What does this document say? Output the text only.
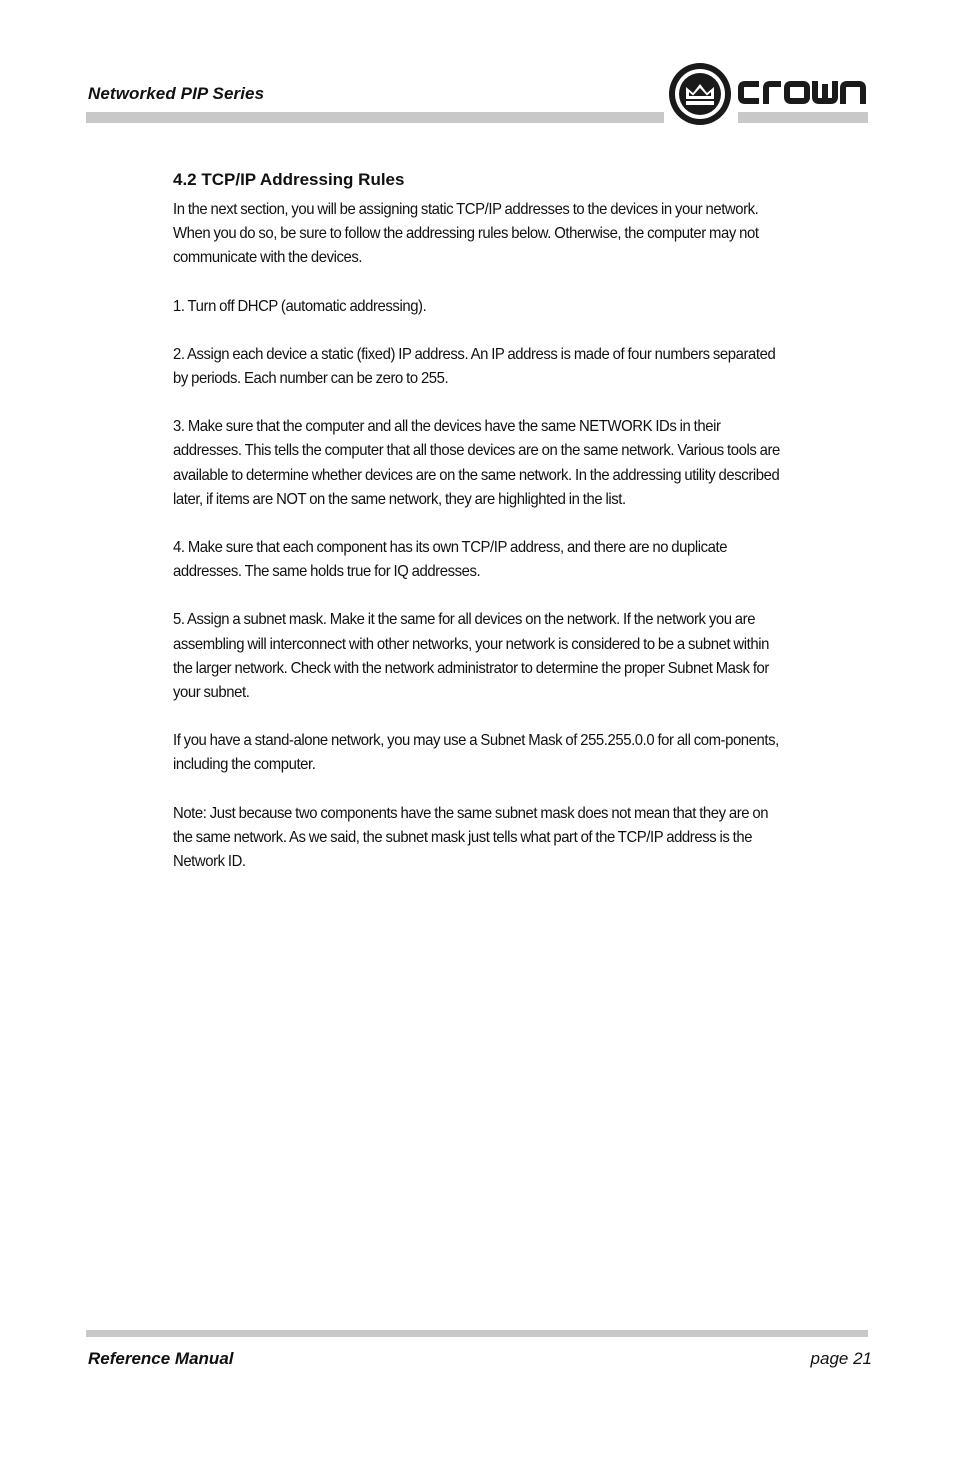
Networked PIP Series
4.2 TCP/IP Addressing Rules

In the next section, you will be assigning static TCP/IP addresses to the devices in your network. When you do so, be sure to follow the addressing rules below. Otherwise, the computer may not communicate with the devices.

1. Turn off DHCP (automatic addressing).

2. Assign each device a static (fixed) IP address. An IP address is made of four numbers separated by periods. Each number can be zero to 255.

3. Make sure that the computer and all the devices have the same NETWORK IDs in their addresses. This tells the computer that all those devices are on the same network. Various tools are available to determine whether devices are on the same network. In the addressing utility described later, if items are NOT on the same network, they are highlighted in the list.

4. Make sure that each component has its own TCP/IP address, and there are no duplicate addresses. The same holds true for IQ addresses.

5. Assign a subnet mask. Make it the same for all devices on the network. If the network you are assembling will interconnect with other networks, your network is considered to be a subnet within the larger network. Check with the network administrator to determine the proper Subnet Mask for your subnet.

If you have a stand-alone network, you may use a Subnet Mask of 255.255.0.0 for all com-ponents, including the computer.

Note: Just because two components have the same subnet mask does not mean that they are on the same network. As we said, the subnet mask just tells what part of the TCP/IP address is the Network ID.

Reference Manual	page 21
